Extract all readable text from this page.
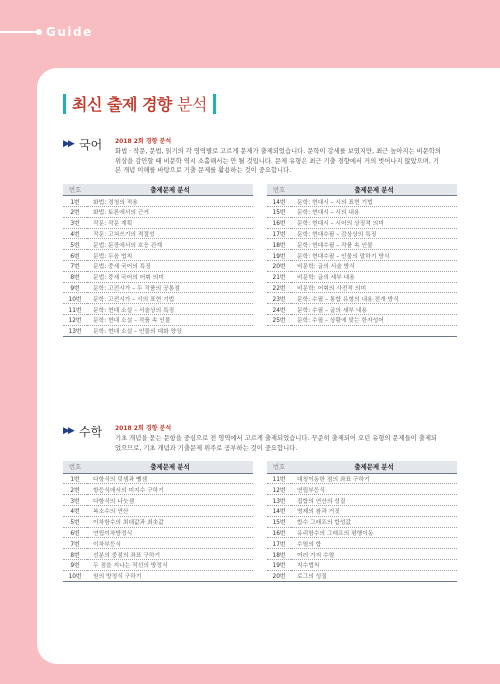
Guide
최신 출제 경향 분석
▶▶ 국어	2018 2회 경향 분석
화법 · 작문, 문법, 읽기의 각 영역별로 고르게 문제가 출제되었습니다. 문학이 강세를 보였지만, 최근 높아지는 비문학의 위상을 감안할 때 비문학 역시 소홀해서는 안 될 것입니다. 문제 유형은 최근 기출 경향에서 거의 벗어나지 않았으며, 기본 개념 이해를 바탕으로 기출 문제를 활용하는 것이 중요합니다.
번호	출제문제 분석		번호	출제문제 분석
1번	화법: 경청의 적용		14번	문학: 현대시 – 시의 표현 기법
2번	화법: 토론에서의 근거		15번	문학: 현대시 – 시의 내용
3번	작문: 작문 계획		16번	문학: 현대시 – 시어의 상징적 의미
4번	작문: 고쳐쓰기의 적절성		17번	문학: 현대수필 – 감상상의 특징
5번	문법: 문장에서의 호응 관계		18번	문학: 현대수필 – 작품 속 인물
6번	문법: 두음 법칙		19번	문학: 현대수필 – 인물의 말하기 방식
7번	문법: 중세 국어의 특징		20번	비문학: 글의 서술 방식
8번	문법: 중세 국어의 어휘 의미		21번	비문학: 글의 세부 내용
9번	문학: 고전시가 – 두 작품의 공통점		22번	비문학: 어휘의 사전적 의미
10번	문학: 고전시가 – 시의 표현 기법		23번	문학: 수필 – 통합 유형의 내용 전개 방식
11번	문학: 현대 소설 – 서술상의 특징		24번	문학: 수필 – 글의 세부 내용
12번	문학: 현대 소설 – 작품 속 인물		25번	문학: 수필 – 상황에 맞는 한자성어
13번	문학: 현대 소설 – 인물의 대화 양상			
▶▶ 수학	2018 2회 경향 분석
기초 개념을 묻는 문항을 중심으로 전 영역에서 고르게 출제되었습니다. 꾸준히 출제되어 오던 유형의 문제들이 출제되었으므로, 기초 개념과 기출문제 위주로 공부하는 것이 중요합니다.
번호	출제문제 분석		번호	출제문제 분석
1번	다항식의 덧셈과 뺄셈		11번	대칭이동한 점의 좌표 구하기
2번	항등식에서의 미지수 구하기		12번	연립부등식
3번	다항식의 나눗셈		13번	집합의 연산의 성질
4번	복소수의 연산		14번	명제의 참과 거짓
5번	이차함수의 최대값과 최솟값		15번	합수 그래프의 합성값
6번	연립이차방정식		16번	유리함수의 그래프의 평행이동
7번	이차부등식		17번	수열의 합
8번	선분의 중점의 좌표 구하기		18번	여러 가지 수열
9번	두 점을 지나는 직선의 방정식		19번	지수법칙
10번	원의 방정식 구하기		20번	로그의 성질
